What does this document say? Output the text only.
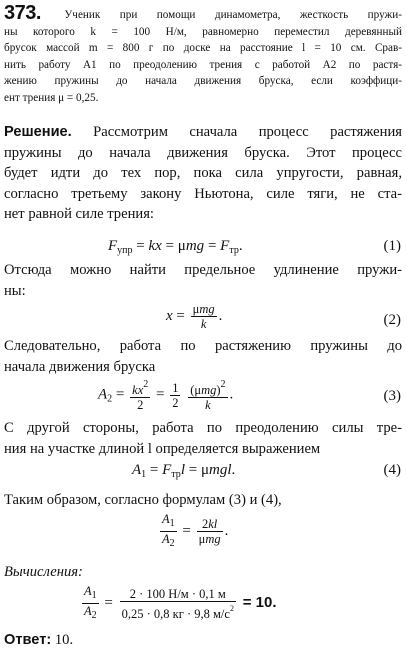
373. Ученик при помощи динамометра, жесткость пружи-
ны которого k = 100 Н/м, равномерно переместил деревянный
брусок массой m = 800 г по доске на расстояние l = 10 см. Срав-
нить работу A1 по преодолению трения с работой A2 по растя-
жению пружины до начала движения бруска, если коэффици-
ент трения μ = 0,25.
Решение. Рассмотрим сначала процесс растяжения
пружины до начала движения бруска. Этот процесс
будет идти до тех пор, пока сила упругости, равная,
согласно третьему закону Ньютона, силе тяги, не ста-
нет равной силе трения:
$F_{упр}$ = kx = $\mu mg = F_{тр}$.	(1)
Отсюда можно найти предельное удлинение пружи-
ны:
$x = \frac{\text{μmg}}{k}$ .	(2)
Следовательно, работа по растяжению пружины до
начала движения бруска
$A_2 = \frac{kx^2}{2} = \frac{1}{2}$
$\frac{(\mu mg)^2}{k}$ .	(3)
С другой стороны, работа по преодолению силы тре-
ния на участке длиной l определяется выражением
$A_1 = F_{тр}l = \mu mgl$.	(4)
Таким образом, согласно формулам (3) и (4),
$\frac{A_1}{A_2} = \frac{2kl}{\text{μmg}}$ .
Вычисления:
$\frac{A_1}{A_2} = \frac{2 \cdot 100 Н/м \cdot 0,1 м}{0,25 \cdot 0,8 кг \cdot 9,8 м/с^2} = 10$.
Ответ: 10.
